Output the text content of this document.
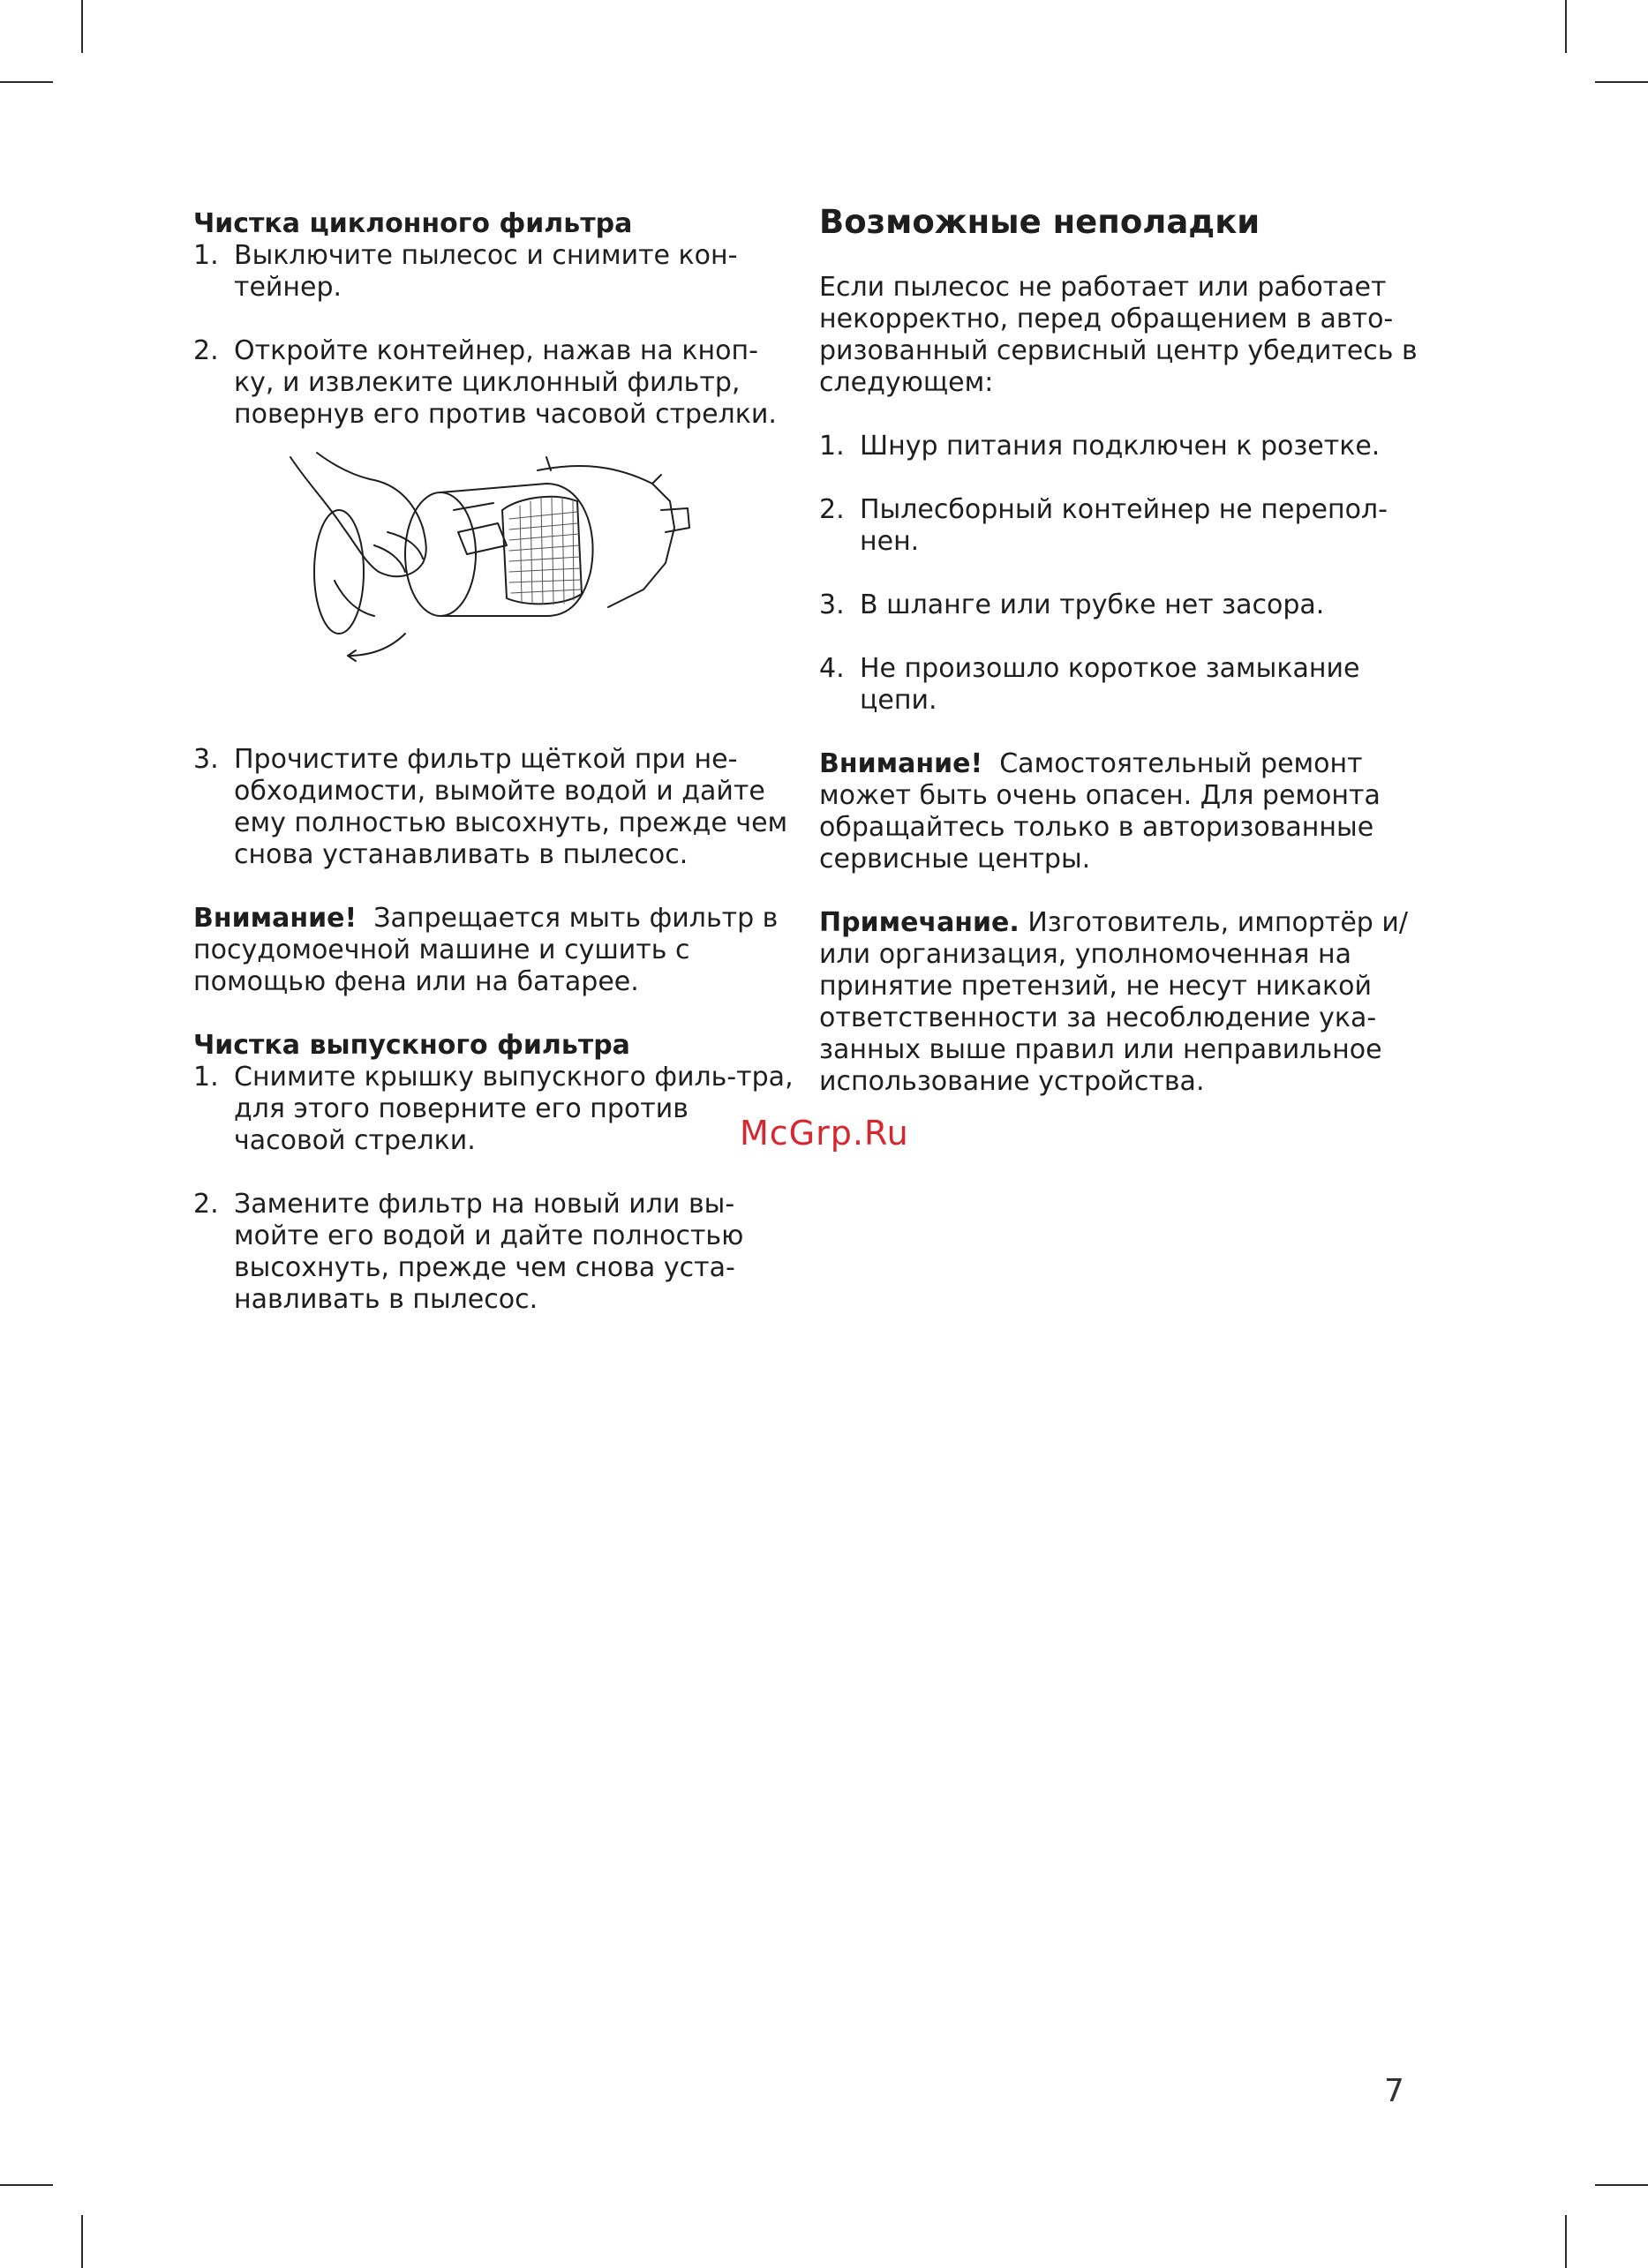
Чистка циклонного фильтра
1. Выключите пылесос и снимите кон-тейнер.
2. Откройте контейнер, нажав на кноп-ку, и извлеките циклонный фильтр, повернув его против часовой стрелки.
3. Прочистите фильтр щёткой при не-обходимости, вымойте водой и дайте ему полностью высохнуть, прежде чем снова устанавливать в пылесос.

Внимание! Запрещается мыть фильтр в посудомоечной машине и сушить с помощью фена или на батарее.

Чистка выпускного фильтра
1. Снимите крышку выпускного филь-тра, для этого поверните его против часовой стрелки.
2. Замените фильтр на новый или вы-мойте его водой и дайте полностью высохнуть, прежде чем снова уста-навливать в пылесос.
Возможные неполадки

Если пылесос не работает или работает некорректно, перед обращением в авто-ризованный сервисный центр убедитесь в следующем:

1. Шнур питания подключен к розетке.
2. Пылесборный контейнер не перепол-нен.
3. В шланге или трубке нет засора.
4. Не произошло короткое замыкание цепи.

Внимание! Самостоятельный ремонт может быть очень опасен. Для ремонта обращайтесь только в авторизованные сервисные центры.

Примечание. Изготовитель, импортёр и/или организация, уполномоченная на принятие претензий, не несут никакой ответственности за несоблюдение ука-занных выше правил или неправильное использование устройства.

McGrp.Ru
7
